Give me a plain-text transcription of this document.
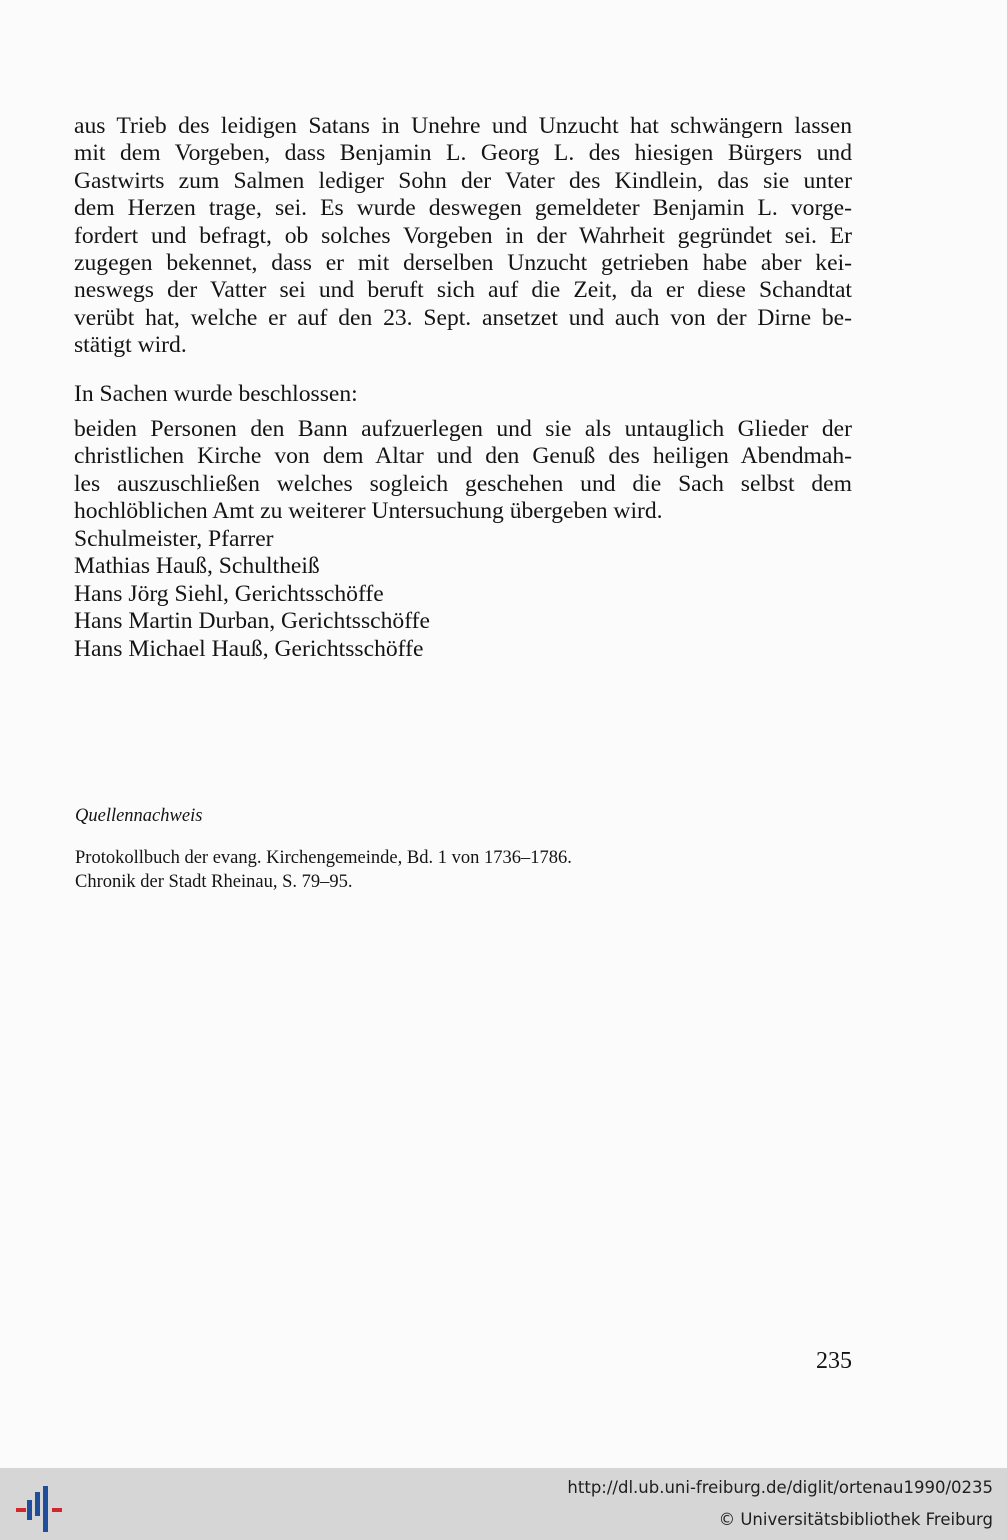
aus Trieb des leidigen Satans in Unehre und Unzucht hat schwängern lassen
mit dem Vorgeben, dass Benjamin L. Georg L. des hiesigen Bürgers und
Gastwirts zum Salmen lediger Sohn der Vater des Kindlein, das sie unter
dem Herzen trage, sei. Es wurde deswegen gemeldeter Benjamin L. vorge-
fordert und befragt, ob solches Vorgeben in der Wahrheit gegründet sei. Er
zugegen bekennet, dass er mit derselben Unzucht getrieben habe aber kei-
neswegs der Vatter sei und beruft sich auf die Zeit, da er diese Schandtat
verübt hat, welche er auf den 23. Sept. ansetzet und auch von der Dirne be-
stätigt wird.

In Sachen wurde beschlossen:

beiden Personen den Bann aufzuerlegen und sie als untauglich Glieder der
christlichen Kirche von dem Altar und den Genuß des heiligen Abendmah-
les auszuschließen welches sogleich geschehen und die Sach selbst dem
hochlöblichen Amt zu weiterer Untersuchung übergeben wird.
Schulmeister, Pfarrer
Mathias Hauß, Schultheiß
Hans Jörg Siehl, Gerichtsschöffe
Hans Martin Durban, Gerichtsschöffe
Hans Michael Hauß, Gerichtsschöffe

Quellennachweis

Protokollbuch der evang. Kirchengemeinde, Bd. 1 von 1736–1786.
Chronik der Stadt Rheinau, S. 79–95.

235

http://dl.ub.uni-freiburg.de/diglit/ortenau1990/0235
© Universitätsbibliothek Freiburg
